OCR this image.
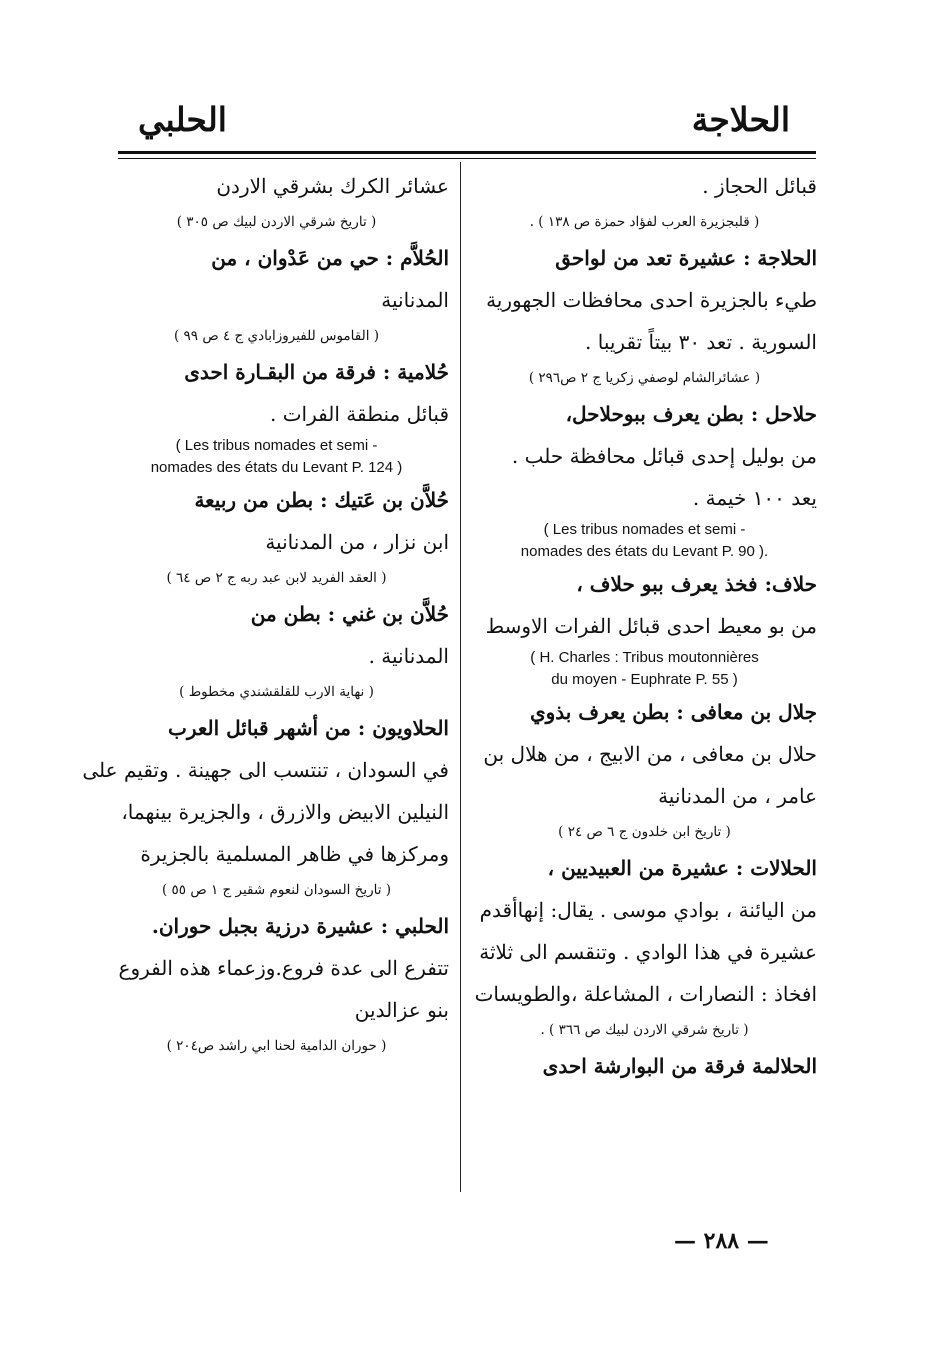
الحلاجة
الحلبي
قبائل الحجاز .
( قلبجزيرة العرب لفؤاد حمزة ص ١٣٨ ) .
الحلاجة : عشيرة تعد من لواحق
طيء بالجزيرة احدى محافظات الجهورية
السورية . تعد ٣٠ بيتاً تقريبا .
( عشائرالشام لوصفي زكريا ج ٢ ص٢٩٦ )
حلاحل : بطن يعرف ببوحلاحل،
من بوليل إحدى قبائل محافظة حلب .
يعد ١٠٠ خيمة .
( Les tribus nomades et semi -
nomades des états du Levant P. 90 ).
حلاف: فخذ يعرف ببو حلاف ،
من بو معيط احدى قبائل الفرات الاوسط
( H. Charles : Tribus moutonnières
du moyen - Euphrate P. 55 )
جلال بن معافى : بطن يعرف بذوي
حلال بن معافى ، من الابيج ، من هلال بن
عامر ، من المدنانية
( تاريخ ابن خلدون ج ٦ ص ٢٤ )
الحلالات : عشيرة من العبيديين ،
من اليائنة ، بوادي موسى . يقال: إنهاأقدم
عشيرة في هذا الوادي . وتنقسم الى ثلاثة
افخاذ : النصارات ، المشاعلة ،والطويسات
( تاريخ شرقي الاردن لبيك ص ٣٦٦ ) .
الحلالمة فرقة من البوارشة احدى
عشائر الكرك بشرقي الاردن
( تاريخ شرقي الاردن لبيك ص ٣٠٥ )
الحُلاَّم : حي من عَدْوان ، من
المدنانية
( القاموس للفيروزابادي ج ٤ ص ٩٩ )
حُلامية : فرقة من البقـارة احدى
قبائل منطقة الفرات .
( Les tribus nomades et semi -
nomades des états du Levant P. 124 )
حُلاَّن بن عَتيك : بطن من ربيعة
ابن نزار ، من المدنانية
( العقد الفريد لابن عبد ربه ج ٢ ص ٦٤ )
حُلاَّن بن غني : بطن من
المدنانية .
( نهاية الارب للقلقشندي مخطوط )
الحلاويون : من أشهر قبائل العرب
في السودان ، تنتسب الى جهينة . وتقيم على
النيلين الابيض والازرق ، والجزيرة بينهما،
ومركزها في ظاهر المسلمية بالجزيرة
( تاريخ السودان لنعوم شقير ج ١ ص ٥٥ )
الحلبي : عشيرة درزية بجبل حوران.
تتفرع الى عدة فروع.وزعماء هذه الفروع
بنو عزالدين
( حوران الدامية لحنا ابي راشد ص٢٠٤ )
— ٢٨٨ —
